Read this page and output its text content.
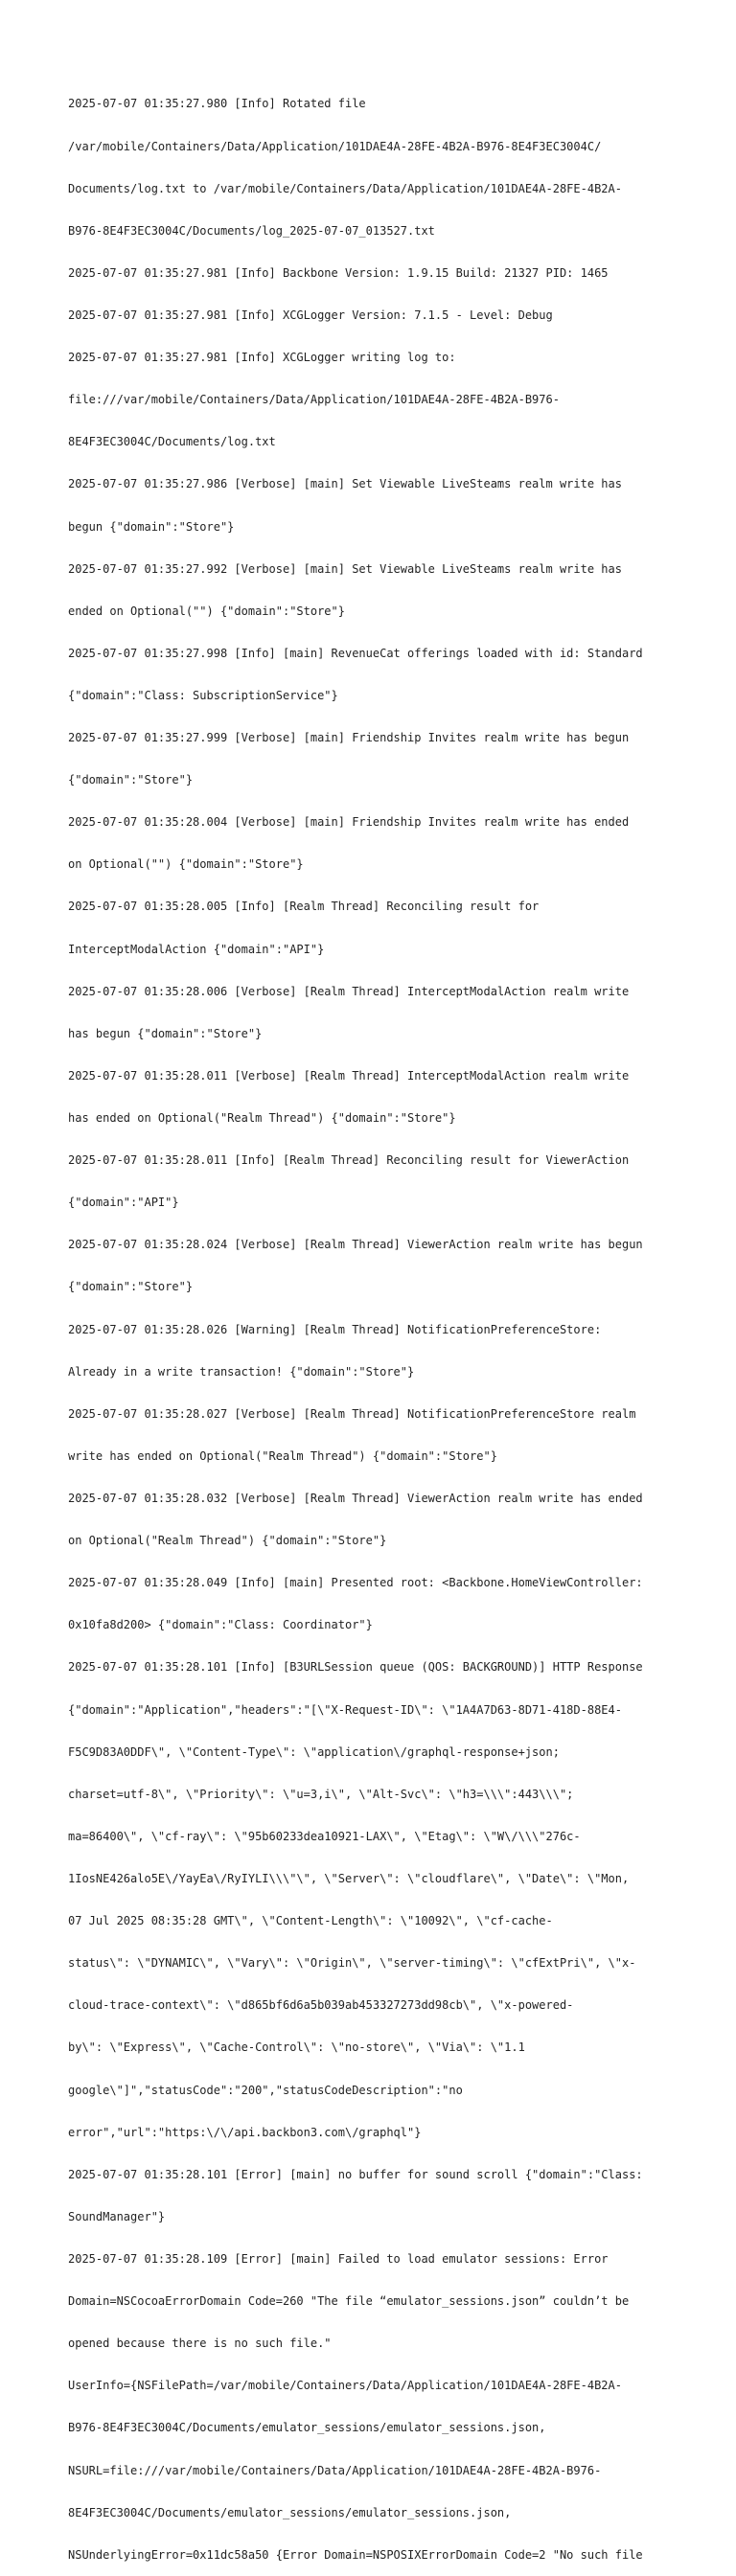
2025-07-07 01:35:27.980 [Info] Rotated file

/var/mobile/Containers/Data/Application/101DAE4A-28FE-4B2A-B976-8E4F3EC3004C/

Documents/log.txt to /var/mobile/Containers/Data/Application/101DAE4A-28FE-4B2A-

B976-8E4F3EC3004C/Documents/log_2025-07-07_013527.txt

2025-07-07 01:35:27.981 [Info] Backbone Version: 1.9.15 Build: 21327 PID: 1465

2025-07-07 01:35:27.981 [Info] XCGLogger Version: 7.1.5 - Level: Debug

2025-07-07 01:35:27.981 [Info] XCGLogger writing log to:

file:///var/mobile/Containers/Data/Application/101DAE4A-28FE-4B2A-B976-

8E4F3EC3004C/Documents/log.txt

2025-07-07 01:35:27.986 [Verbose] [main] Set Viewable LiveSteams realm write has

begun {"domain":"Store"}

2025-07-07 01:35:27.992 [Verbose] [main] Set Viewable LiveSteams realm write has

ended on Optional("") {"domain":"Store"}

2025-07-07 01:35:27.998 [Info] [main] RevenueCat offerings loaded with id: Standard

{"domain":"Class: SubscriptionService"}

2025-07-07 01:35:27.999 [Verbose] [main] Friendship Invites realm write has begun

{"domain":"Store"}

2025-07-07 01:35:28.004 [Verbose] [main] Friendship Invites realm write has ended

on Optional("") {"domain":"Store"}

2025-07-07 01:35:28.005 [Info] [Realm Thread] Reconciling result for

InterceptModalAction {"domain":"API"}

2025-07-07 01:35:28.006 [Verbose] [Realm Thread] InterceptModalAction realm write

has begun {"domain":"Store"}

2025-07-07 01:35:28.011 [Verbose] [Realm Thread] InterceptModalAction realm write

has ended on Optional("Realm Thread") {"domain":"Store"}

2025-07-07 01:35:28.011 [Info] [Realm Thread] Reconciling result for ViewerAction

{"domain":"API"}

2025-07-07 01:35:28.024 [Verbose] [Realm Thread] ViewerAction realm write has begun

{"domain":"Store"}

2025-07-07 01:35:28.026 [Warning] [Realm Thread] NotificationPreferenceStore:

Already in a write transaction! {"domain":"Store"}

2025-07-07 01:35:28.027 [Verbose] [Realm Thread] NotificationPreferenceStore realm

write has ended on Optional("Realm Thread") {"domain":"Store"}

2025-07-07 01:35:28.032 [Verbose] [Realm Thread] ViewerAction realm write has ended

on Optional("Realm Thread") {"domain":"Store"}

2025-07-07 01:35:28.049 [Info] [main] Presented root: <Backbone.HomeViewController:

0x10fa8d200> {"domain":"Class: Coordinator"}

2025-07-07 01:35:28.101 [Info] [B3URLSession queue (QOS: BACKGROUND)] HTTP Response

{"domain":"Application","headers":"[\"X-Request-ID\": \"1A4A7D63-8D71-418D-88E4-

F5C9D83A0DDF\", \"Content-Type\": \"application\/graphql-response+json;

charset=utf-8\", \"Priority\": \"u=3,i\", \"Alt-Svc\": \"h3=\\\":443\\\";

ma=86400\", \"cf-ray\": \"95b60233dea10921-LAX\", \"Etag\": \"W\/\\\"276c-

1IosNE426alo5E\/YayEa\/RyIYLI\\\"\", \"Server\": \"cloudflare\", \"Date\": \"Mon,

07 Jul 2025 08:35:28 GMT\", \"Content-Length\": \"10092\", \"cf-cache-

status\": \"DYNAMIC\", \"Vary\": \"Origin\", \"server-timing\": \"cfExtPri\", \"x-

cloud-trace-context\": \"d865bf6d6a5b039ab453327273dd98cb\", \"x-powered-

by\": \"Express\", \"Cache-Control\": \"no-store\", \"Via\": \"1.1

google\"]","statusCode":"200","statusCodeDescription":"no

error","url":"https:\/\/api.backbon3.com\/graphql"}

2025-07-07 01:35:28.101 [Error] [main] no buffer for sound scroll {"domain":"Class:

SoundManager"}

2025-07-07 01:35:28.109 [Error] [main] Failed to load emulator sessions: Error

Domain=NSCocoaErrorDomain Code=260 "The file “emulator_sessions.json” couldn’t be

opened because there is no such file."

UserInfo={NSFilePath=/var/mobile/Containers/Data/Application/101DAE4A-28FE-4B2A-

B976-8E4F3EC3004C/Documents/emulator_sessions/emulator_sessions.json,

NSURL=file:///var/mobile/Containers/Data/Application/101DAE4A-28FE-4B2A-B976-

8E4F3EC3004C/Documents/emulator_sessions/emulator_sessions.json,

NSUnderlyingError=0x11dc58a50 {Error Domain=NSPOSIXErrorDomain Code=2 "No such file
